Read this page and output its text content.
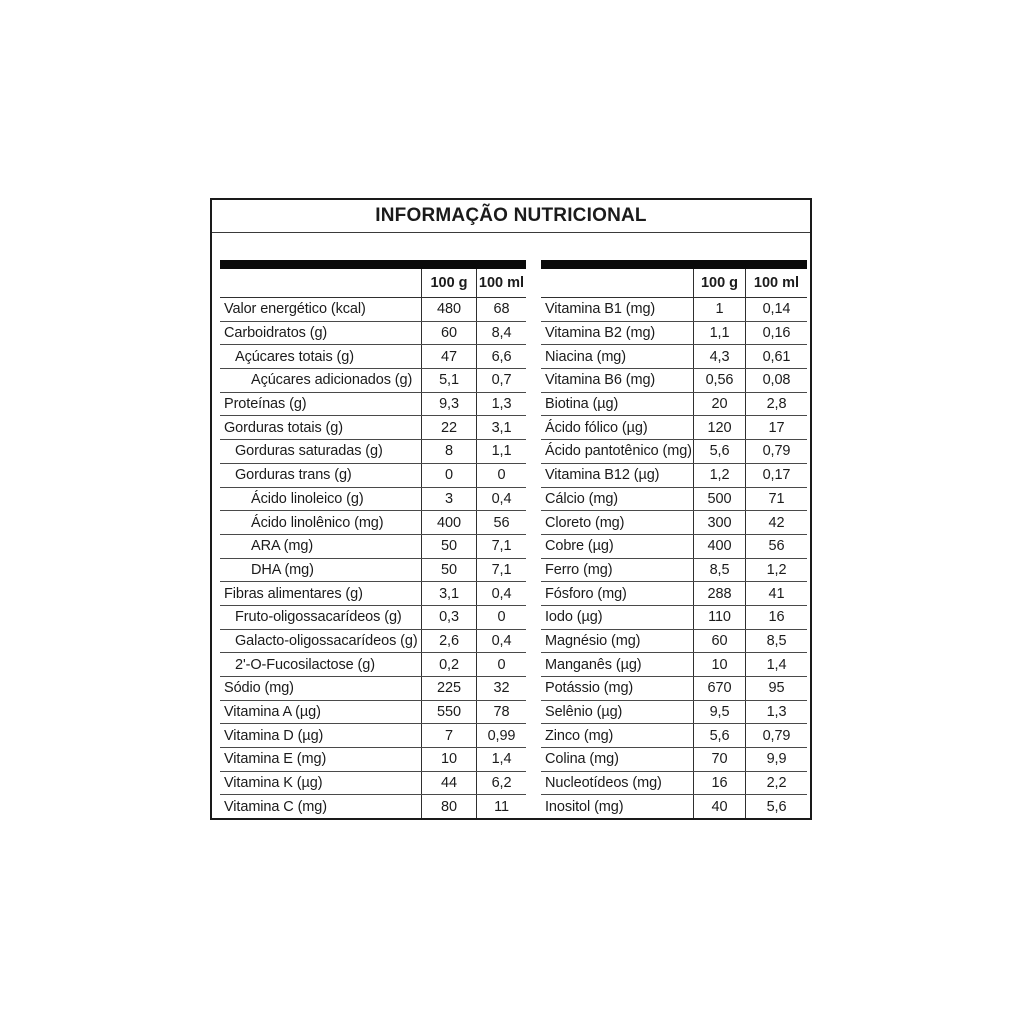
INFORMAÇÃO NUTRICIONAL
100 g 100 ml
Valor energético (kcal)	480	68
Carboidratos (g)	60	8,4
Açúcares totais (g)	47	6,6
Açúcares adicionados (g)	5,1	0,7
Proteínas (g)	9,3	1,3
Gorduras totais (g)	22	3,1
Gorduras saturadas (g)	8	1,1
Gorduras trans (g)	0	0
Ácido linoleico (g)	3	0,4
Ácido linolênico (mg)	400	56
ARA (mg)	50	7,1
DHA (mg)	50	7,1
Fibras alimentares (g)	3,1	0,4
Fruto-oligossacarídeos (g)	0,3	0
Galacto-oligossacarídeos (g)	2,6	0,4
2'-O-Fucosilactose (g)	0,2	0
Sódio (mg)	225	32
Vitamina A (µg)	550	78
Vitamina D (µg)	7	0,99
Vitamina E (mg)	10	1,4
Vitamina K (µg)	44	6,2
Vitamina C (mg)	80	11
100 g	100 ml
Vitamina B1 (mg)	1	0,14
Vitamina B2 (mg)	1,1	0,16
Niacina (mg)	4,3	0,61
Vitamina B6 (mg)	0,56	0,08
Biotina (µg)	20	2,8
Ácido fólico (µg)	120	17
Ácido pantotênico (mg)	5,6	0,79
Vitamina B12 (µg)	1,2	0,17
Cálcio (mg)	500	71
Cloreto (mg)	300	42
Cobre (µg)	400	56
Ferro (mg)	8,5	1,2
Fósforo (mg)	288	41
Iodo (µg)	110	16
Magnésio (mg)	60	8,5
Manganês (µg)	10	1,4
Potássio (mg)	670	95
Selênio (µg)	9,5	1,3
Zinco (mg)	5,6	0,79
Colina (mg)	70	9,9
Nucleotídeos (mg)	16	2,2
Inositol (mg)	40	5,6
